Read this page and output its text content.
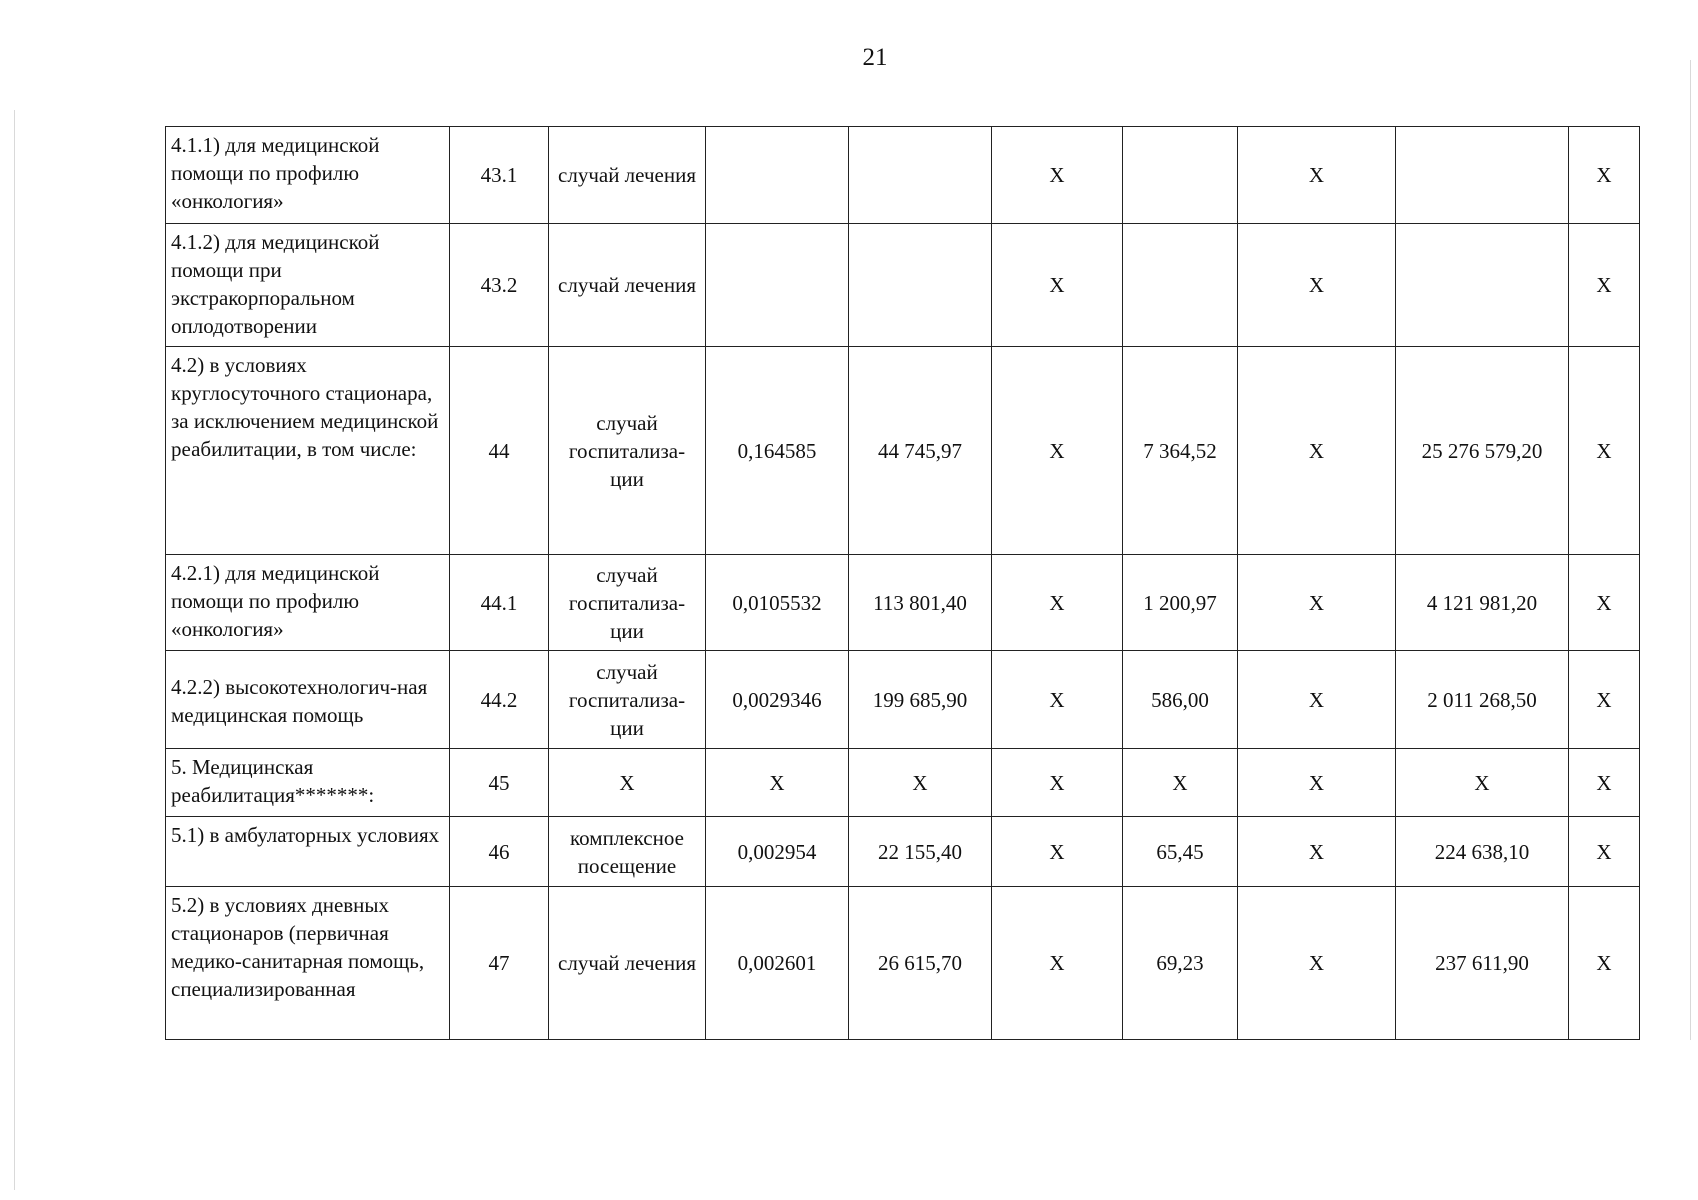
21
4.1.1) для медицинской помощи по профилю «онкология»	43.1	случай лечения			X		X		X
4.1.2) для медицинской помощи при экстракорпоральном оплодотворении	43.2	случай лечения			X		X		X
4.2) в условиях круглосуточного стационара, за исключением медицинской реабилитации, в том числе:	44	случай госпитализа-ции	0,164585	44 745,97	X	7 364,52	X	25 276 579,20	X
4.2.1) для медицинской помощи по профилю «онкология»	44.1	случай госпитализа-ции	0,0105532	113 801,40	X	1 200,97	X	4 121 981,20	X
4.2.2) высокотехнологич-ная медицинская помощь	44.2	случай госпитализа-ции	0,0029346	199 685,90	X	586,00	X	2 011 268,50	X
5. Медицинская реабилитация*******:	45	X	X	X	X	X	X	X	X
5.1) в амбулаторных условиях	46	комплексное посещение	0,002954	22 155,40	X	65,45	X	224 638,10	X
5.2) в условиях дневных стационаров (первичная медико-санитарная помощь, специализированная	47	случай лечения	0,002601	26 615,70	X	69,23	X	237 611,90	X
